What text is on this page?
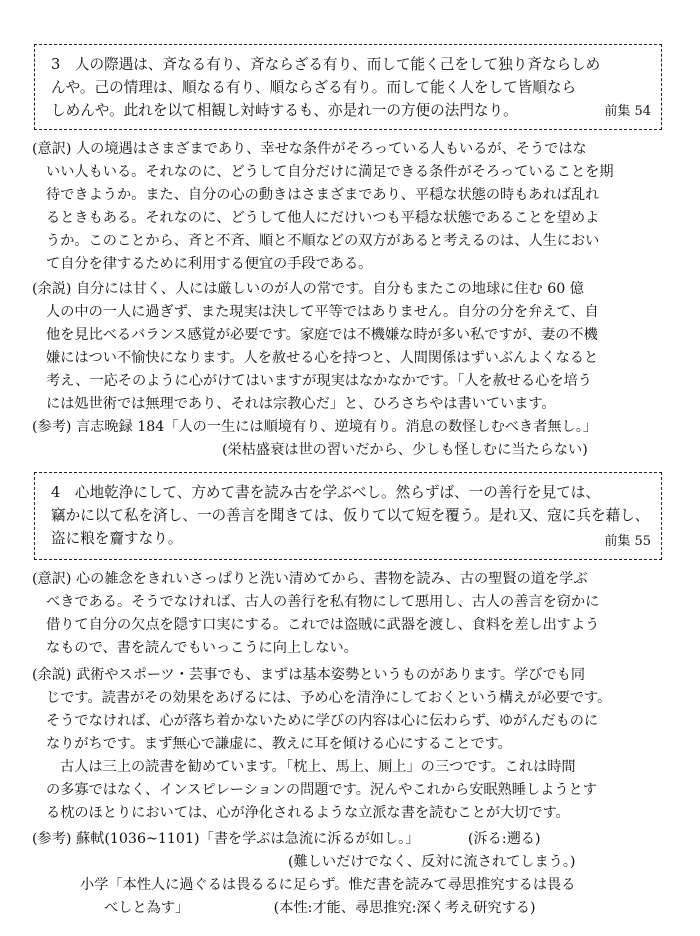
3　人の際遇は、斉なる有り、斉ならざる有り、而して能く己をして独り斉ならしめ
んや。己の情理は、順なる有り、順ならざる有り。而して能く人をして皆順なら
しめんや。此れを以て相観し対峙するも、亦是れ一の方便の法門なり。	前集 54
(意訳) 人の境遇はさまざまであり、幸せな条件がそろっている人もいるが、そうではな
いい人もいる。それなのに、どうして自分だけに満足できる条件がそろっていることを期
待できようか。また、自分の心の動きはさまざまであり、平穏な状態の時もあれば乱れ
るときもある。それなのに、どうして他人にだけいつも平穏な状態であることを望めよ
うか。このことから、斉と不斉、順と不順などの双方があると考えるのは、人生におい
て自分を律するために利用する便宜の手段である。
(余説) 自分には甘く、人には厳しいのが人の常です。自分もまたこの地球に住む 60 億
人の中の一人に過ぎず、また現実は決して平等ではありません。自分の分を弁えて、自
他を見比べるバランス感覚が必要です。家庭では不機嫌な時が多い私ですが、妻の不機
嫌にはつい不愉快になります。人を赦せる心を持つと、人間関係はずいぶんよくなると
考え、一応そのように心がけてはいますが現実はなかなかです。「人を赦せる心を培う
には処世術では無理であり、それは宗教心だ」と、ひろさちやは書いています。
(参考) 言志晩録 184「人の一生には順境有り、逆境有り。消息の数怪しむべき者無し。」
(栄枯盛衰は世の習いだから、少しも怪しむに当たらない)
4　心地乾浄にして、方めて書を読み古を学ぶべし。然らずば、一の善行を見ては、
竊かに以て私を済し、一の善言を聞きては、仮りて以て短を覆う。是れ又、寇に兵を藉し、
盗に粮を齎すなり。	前集 55
(意訳) 心の雑念をきれいさっぱりと洗い清めてから、書物を読み、古の聖賢の道を学ぶ
べきである。そうでなければ、古人の善行を私有物にして悪用し、古人の善言を窃かに
借りて自分の欠点を隠す口実にする。これでは盗賊に武器を渡し、食料を差し出すよう
なもので、書を読んでもいっこうに向上しない。
(余説) 武術やスポーツ・芸事でも、まずは基本姿勢というものがあります。学びでも同
じです。読書がその効果をあげるには、予め心を清浄にしておくという構えが必要です。
そうでなければ、心が落ち着かないために学びの内容は心に伝わらず、ゆがんだものに
なりがちです。まず無心で謙虚に、教えに耳を傾ける心にすることです。
古人は三上の読書を勧めています。「枕上、馬上、厠上」の三つです。これは時間
の多寡ではなく、インスピレーションの問題です。況んやこれから安眠熟睡しようとす
る枕のほとりにおいては、心が浄化されるような立派な書を読むことが大切です。
(参考) 蘇軾(1036~1101)「書を学ぶは急流に泝るが如し。」	(泝る:遡る)
(難しいだけでなく、反対に流されてしまう。)
小学「本性人に過ぐるは畏るるに足らず。惟だ書を読みて尋思推究するは畏る
べしと為す」	(本性:才能、尋思推究:深く考え研究する)
